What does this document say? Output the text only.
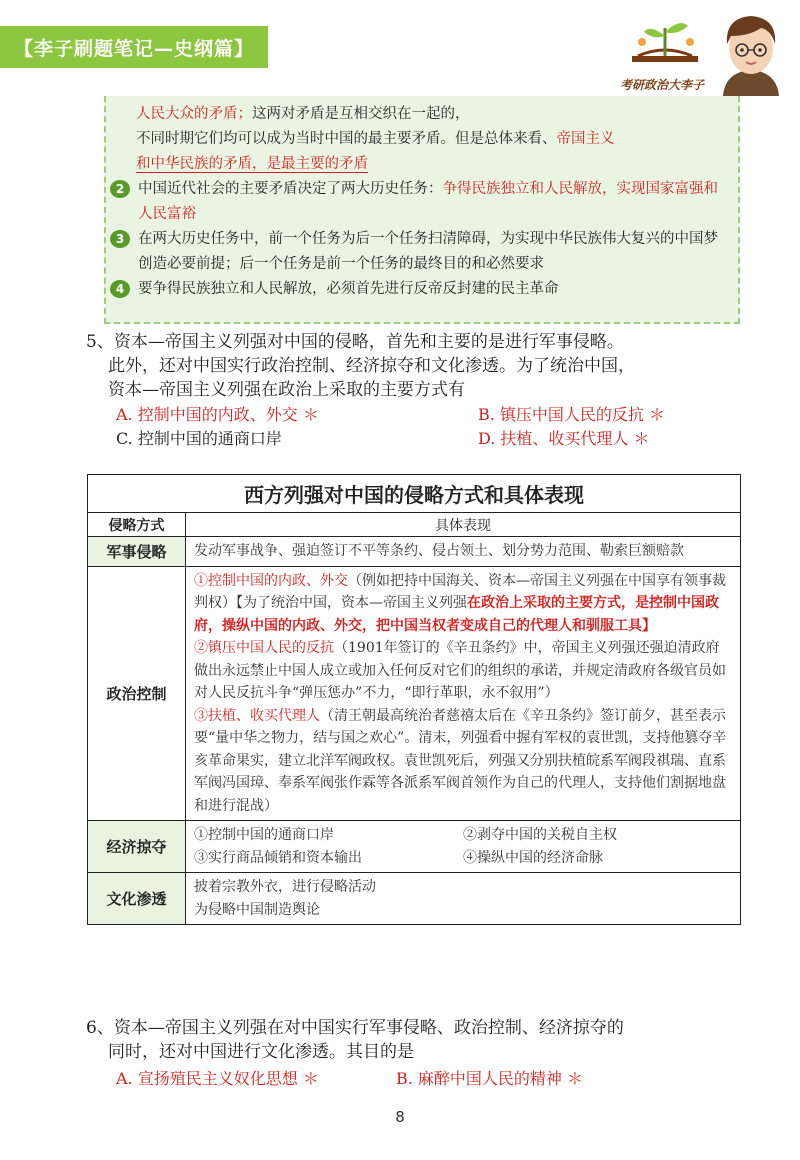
【李子刷题笔记—史纲篇】
考研政治大李子
人民大众的矛盾；这两对矛盾是互相交织在一起的，
不同时期它们均可以成为当时中国的最主要矛盾。但是总体来看、帝国主义
和中华民族的矛盾，是最主要的矛盾
2 中国近代社会的主要矛盾决定了两大历史任务：争得民族独立和人民解放，实现国家富强和人民富裕
3 在两大历史任务中，前一个任务为后一个任务扫清障碍，为实现中华民族伟大复兴的中国梦创造必要前提；后一个任务是前一个任务的最终目的和必然要求
4 要争得民族独立和人民解放，必须首先进行反帝反封建的民主革命
5、资本—帝国主义列强对中国的侵略，首先和主要的是进行军事侵略。
此外，还对中国实行政治控制、经济掠夺和文化渗透。为了统治中国，
资本—帝国主义列强在政治上采取的主要方式有
A. 控制中国的内政、外交 ＊	B. 镇压中国人民的反抗 ＊
C. 控制中国的通商口岸	D. 扶植、收买代理人 ＊
西方列强对中国的侵略方式和具体表现	
侵略方式	具体表现
军事侵略	发动军事战争、强迫签订不平等条约、侵占领土、划分势力范围、勒索巨额赔款
政治控制	①控制中国的内政、外交（例如把持中国海关、资本—帝国主义列强在中国享有领事裁判权）【为了统治中国，资本—帝国主义列强在政治上采取的主要方式，是控制中国政府，操纵中国的内政、外交，把中国当权者变成自己的代理人和驯服工具】
②镇压中国人民的反抗（1901年签订的《辛丑条约》中，帝国主义列强还强迫清政府做出永远禁止中国人成立或加入任何反对它们的组织的承诺，并规定清政府各级官员如对人民反抗斗争“弹压惩办”不力，“即行革职，永不叙用”）
③扶植、收买代理人（清王朝最高统治者慈禧太后在《辛丑条约》签订前夕，甚至表示要“量中华之物力，结与国之欢心”。清末，列强看中握有军权的袁世凯，支持他篡夺辛亥革命果实，建立北洋军阀政权。袁世凯死后，列强又分别扶植皖系军阀段祺瑞、直系军阀冯国璋、奉系军阀张作霖等各派系军阀首领作为自己的代理人，支持他们割据地盘和进行混战）
经济掠夺	①控制中国的通商口岸 ②剥夺中国的关税自主权
③实行商品倾销和资本输出 ④操纵中国的经济命脉

文化渗透	披着宗教外衣，进行侵略活动
为侵略中国制造舆论
6、资本—帝国主义列强在对中国实行军事侵略、政治控制、经济掠夺的
同时，还对中国进行文化渗透。其目的是
A. 宣扬殖民主义奴化思想 ＊	B. 麻醉中国人民的精神 ＊
8
